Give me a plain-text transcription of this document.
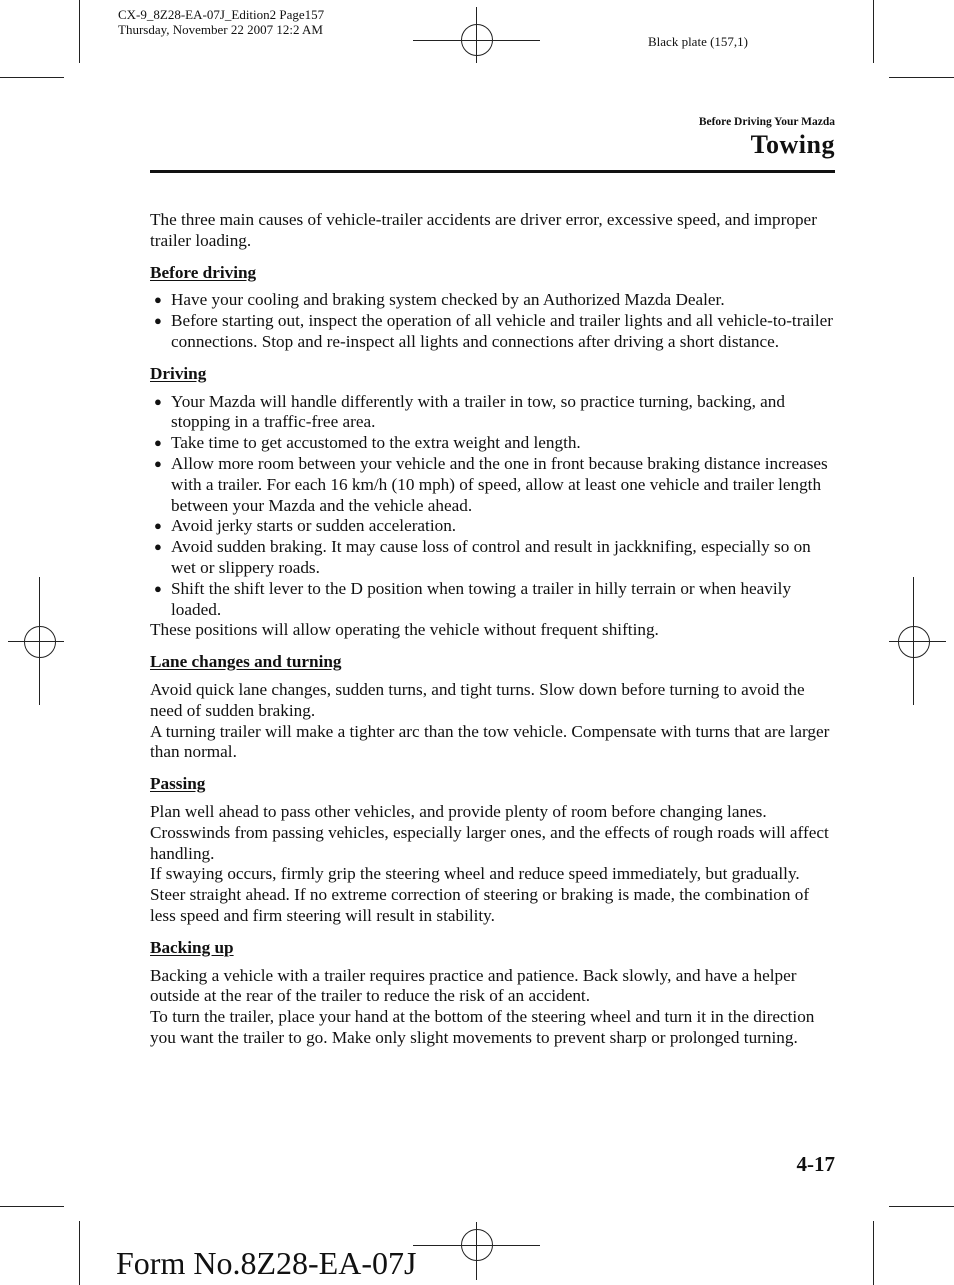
CX-9_8Z28-EA-07J_Edition2 Page157
Thursday, November 22 2007 12:2 AM
Black plate (157,1)
Before Driving Your Mazda
Towing

The three main causes of vehicle-trailer accidents are driver error, excessive speed, and improper trailer loading.

Before driving
● Have your cooling and braking system checked by an Authorized Mazda Dealer.
● Before starting out, inspect the operation of all vehicle and trailer lights and all vehicle-to-trailer connections. Stop and re-inspect all lights and connections after driving a short distance.
Driving
● Your Mazda will handle differently with a trailer in tow, so practice turning, backing, and stopping in a traffic-free area.
● Take time to get accustomed to the extra weight and length.
● Allow more room between your vehicle and the one in front because braking distance increases with a trailer. For each 16 km/h (10 mph) of speed, allow at least one vehicle and trailer length between your Mazda and the vehicle ahead.
● Avoid jerky starts or sudden acceleration.
● Avoid sudden braking. It may cause loss of control and result in jackknifing, especially so on wet or slippery roads.
● Shift the shift lever to the D position when towing a trailer in hilly terrain or when heavily loaded.

These positions will allow operating the vehicle without frequent shifting.

Lane changes and turning

Avoid quick lane changes, sudden turns, and tight turns. Slow down before turning to avoid the need of sudden braking.

A turning trailer will make a tighter arc than the tow vehicle. Compensate with turns that are larger than normal.

Passing

Plan well ahead to pass other vehicles, and provide plenty of room before changing lanes.

Crosswinds from passing vehicles, especially larger ones, and the effects of rough roads will affect handling.

If swaying occurs, firmly grip the steering wheel and reduce speed immediately, but gradually.

Steer straight ahead. If no extreme correction of steering or braking is made, the combination of less speed and firm steering will result in stability.

Backing up

Backing a vehicle with a trailer requires practice and patience. Back slowly, and have a helper outside at the rear of the trailer to reduce the risk of an accident.

To turn the trailer, place your hand at the bottom of the steering wheel and turn it in the direction you want the trailer to go. Make only slight movements to prevent sharp or prolonged turning.

4-17
Form No.8Z28-EA-07J
